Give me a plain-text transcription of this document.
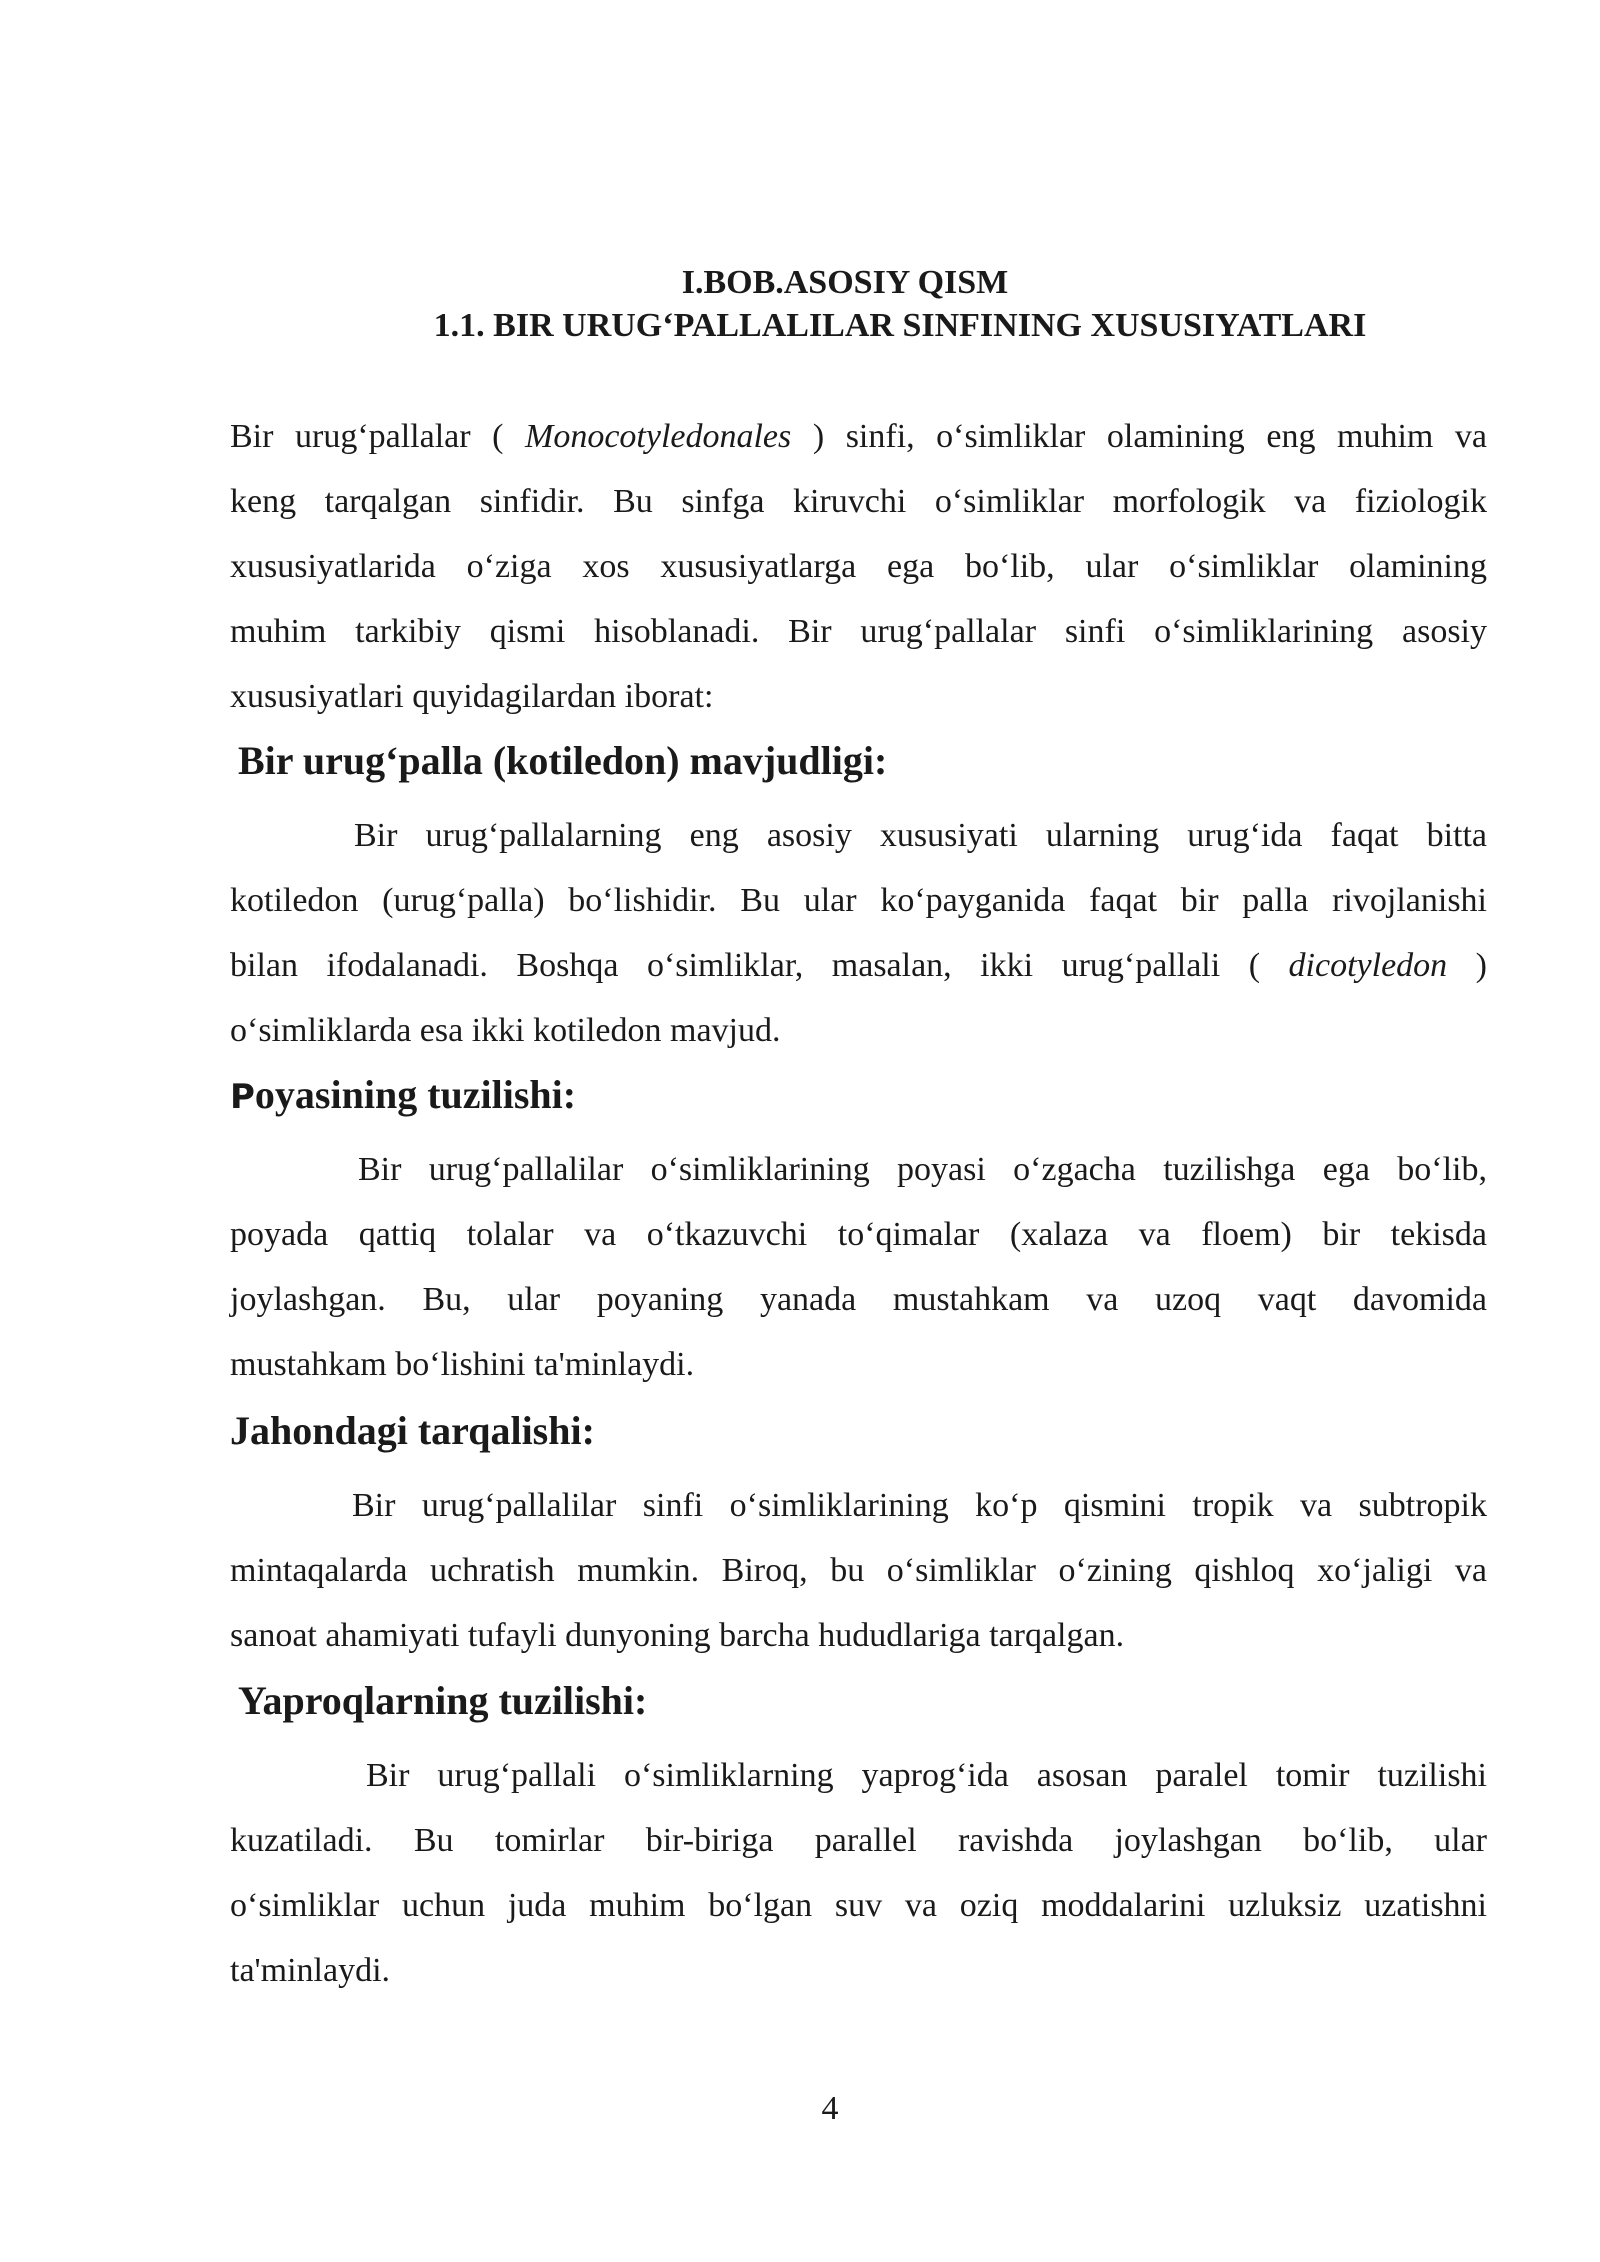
I.BOB.ASOSIY QISM
1.1. BIR URUG‘PALLALILAR SINFINING XUSUSIYATLARI
Bir urug‘pallalar ( Monocotyledonales ) sinfi, o‘simliklar olamining eng muhim va
keng tarqalgan sinfidir. Bu sinfga kiruvchi o‘simliklar morfologik va fiziologik
xususiyatlarida o‘ziga xos xususiyatlarga ega bo‘lib, ular o‘simliklar olamining
muhim tarkibiy qismi hisoblanadi. Bir urug‘pallalar sinfi o‘simliklarining asosiy
xususiyatlari quyidagilardan iborat:
Bir urug‘palla (kotiledon) mavjudligi:
Bir urug‘pallalarning eng asosiy xususiyati ularning urug‘ida faqat bitta
kotiledon (urug‘palla) bo‘lishidir. Bu ular ko‘payganida faqat bir palla rivojlanishi
bilan ifodalanadi. Boshqa o‘simliklar, masalan, ikki urug‘pallali ( dicotyledon )
o‘simliklarda esa ikki kotiledon mavjud.
Poyasining tuzilishi:
Bir urug‘pallalilar o‘simliklarining poyasi o‘zgacha tuzilishga ega bo‘lib,
poyada qattiq tolalar va o‘tkazuvchi to‘qimalar (xalaza va floem) bir tekisda
joylashgan. Bu, ular poyaning yanada mustahkam va uzoq vaqt davomida
mustahkam bo‘lishini ta'minlaydi.
Jahondagi tarqalishi:
Bir urug‘pallalilar sinfi o‘simliklarining ko‘p qismini tropik va subtropik
mintaqalarda uchratish mumkin. Biroq, bu o‘simliklar o‘zining qishloq xo‘jaligi va
sanoat ahamiyati tufayli dunyoning barcha hududlariga tarqalgan.
Yaproqlarning tuzilishi:
Bir urug‘pallali o‘simliklarning yaprog‘ida asosan paralel tomir tuzilishi
kuzatiladi. Bu tomirlar bir-biriga parallel ravishda joylashgan bo‘lib, ular
o‘simliklar uchun juda muhim bo‘lgan suv va oziq moddalarini uzluksiz uzatishni
ta'minlaydi.
4
